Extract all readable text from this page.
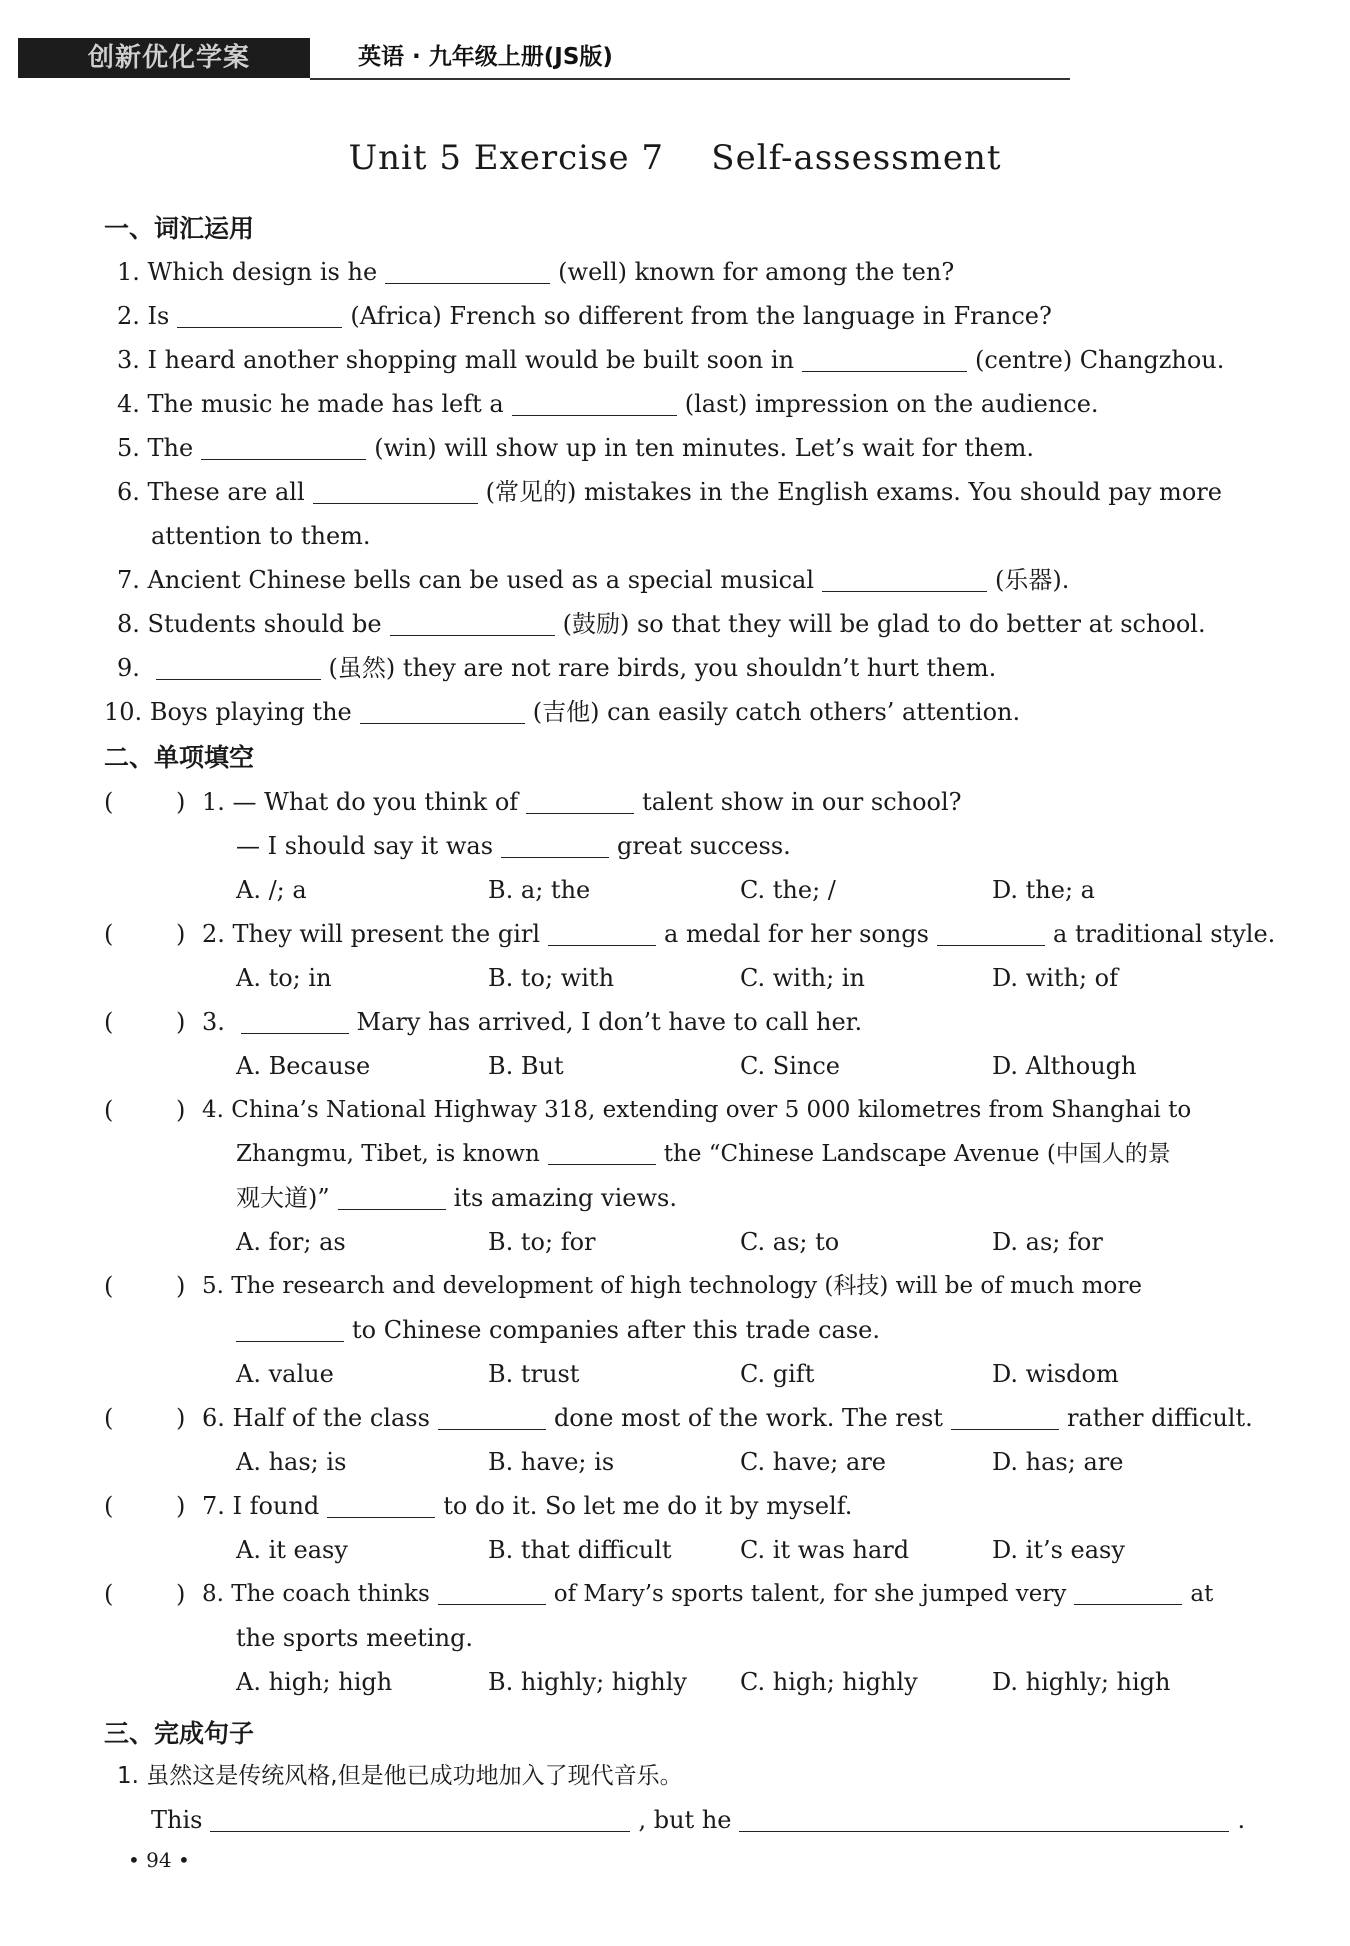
创新优化学案	英语 · 九年级上册(JS版)
Unit 5 Exercise 7    Self-assessment
一、词汇运用
1. Which design is he	(well) known for among the ten?
2. Is	(Africa) French so different from the language in France?
3. I heard another shopping mall would be built soon in	(centre) Changzhou.
4. The music he made has left a	(last) impression on the audience.
5. The	(win) will show up in ten minutes. Let’s wait for them.
6. These are all	(常见的) mistakes in the English exams. You should pay more
attention to them.
7. Ancient Chinese bells can be used as a special musical	(乐器).
8. Students should be	(鼓励) so that they will be glad to do better at school.
9.	(虽然) they are not rare birds, you shouldn’t hurt them.
10. Boys playing the	(吉他) can easily catch others’ attention.
二、单项填空
(	) 1. — What do you think of	talent show in our school?
— I should say it was	great success.
A. /; a	B. a; the	C. the; /	D. the; a
(	) 2. They will present the girl	a medal for her songs	a traditional style.
A. to; in	B. to; with	C. with; in	D. with; of
(	) 3.	Mary has arrived, I don’t have to call her.
A. Because	B. But	C. Since	D. Although
(	) 4. China’s National Highway 318, extending over 5 000 kilometres from Shanghai to
Zhangmu, Tibet, is known	the “Chinese Landscape Avenue (中国人的景
观大道)”	its amazing views.
A. for; as	B. to; for	C. as; to	D. as; for
(	) 5. The research and development of high technology (科技) will be of much more
to Chinese companies after this trade case.
A. value	B. trust	C. gift	D. wisdom
(	) 6. Half of the class	done most of the work. The rest	rather difficult.
A. has; is	B. have; is	C. have; are	D. has; are
(	) 7. I found	to do it. So let me do it by myself.
A. it easy	B. that difficult	C. it was hard	D. it’s easy
(	) 8. The coach thinks	of Mary’s sports talent, for she jumped very	at
the sports meeting.
A. high; high	B. highly; highly C. high; highly	D. highly; high
三、完成句子
1. 虽然这是传统风格,但是他已成功地加入了现代音乐。
This	, but he	.
• 94 •
